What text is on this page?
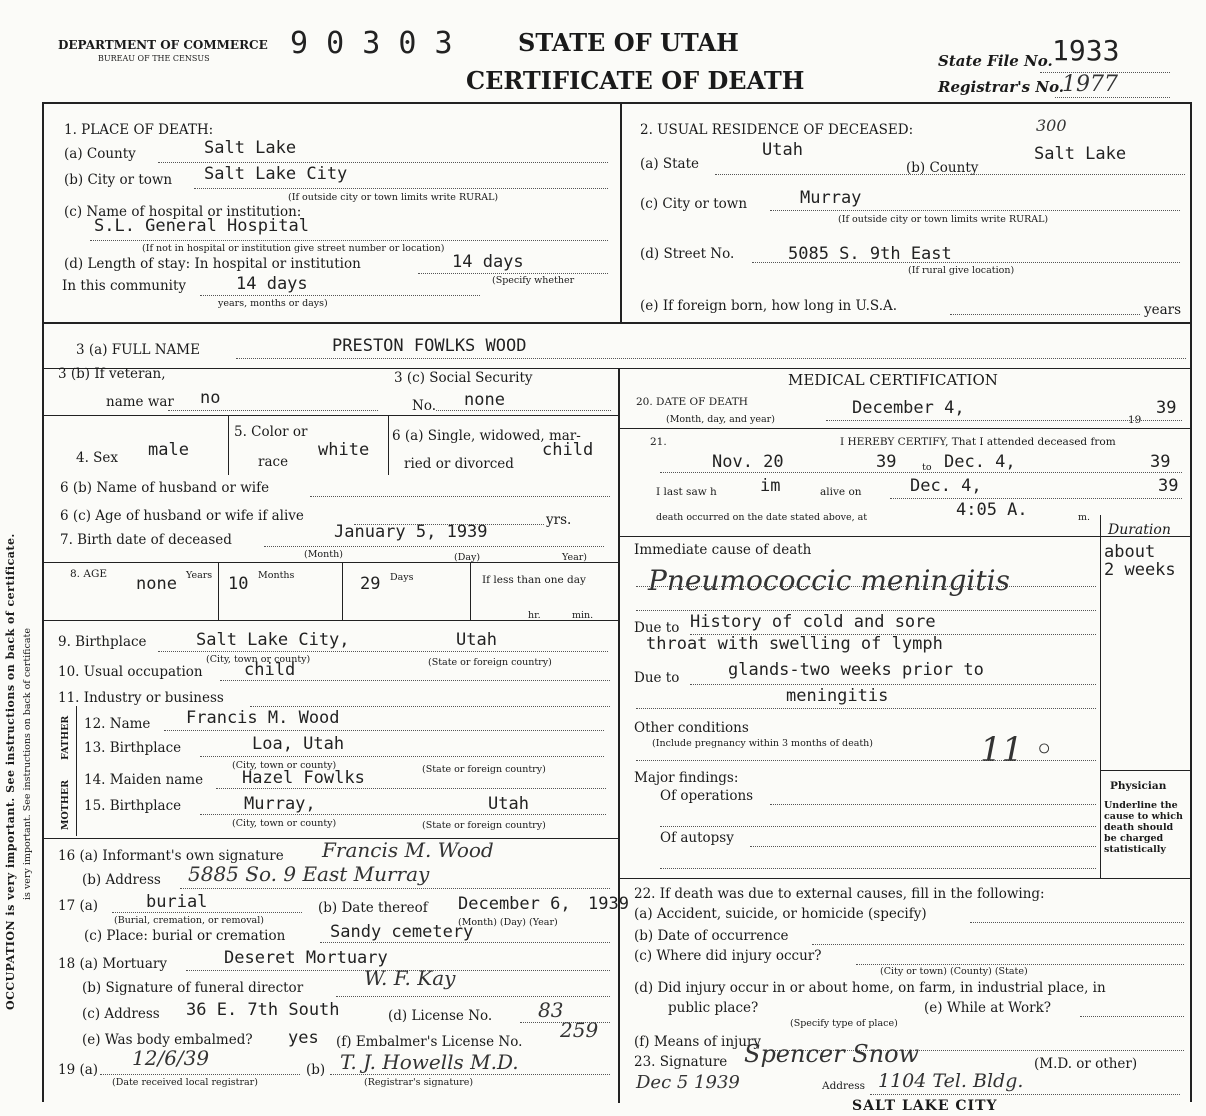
OCCUPATION is very important. See instructions on back of certificate. is very important. See instructions on back of certificate
DEPARTMENT OF COMMERCE
BUREAU OF THE CENSUS	9 0 3 0 3	STATE OF UTAH
CERTIFICATE OF DEATH
State File No. 1933
Registrar's No.
1977
1. PLACE OF DEATH:
(a) County	Salt Lake
(b) City or town Salt Lake City
(If outside city or town limits write RURAL)
(c) Name of hospital or institution:
S.L. General Hospital
(If not in hospital or institution give street number or location)
(d) Length of stay: In hospital or institution	14 days
In this community	14 days	(Specify whether
years, months or days)
2. USUAL RESIDENCE OF DECEASED:	300
(a) State
Utah
(b) County
Salt Lake
(c) City or town	Murray
(If outside city or town limits write RURAL)
(d) Street No.	5085 S. 9th East
(If rural give location)
(e) If foreign born, how long in U.S.A.	years
3 (a) FULL NAME	PRESTON FOWLKS WOOD
3 (b) If veteran,
name war no
3 (c) Social Security
No. none
4. Sex male
5. Color or
race
white
6 (a) Single, widowed, mar-
ried or divorced
child
6 (b) Name of husband or wife
6 (c) Age of husband or wife if alive	yrs.
7. Birth date of deceased	January 5, 1939
(Month)	(Day)	Year)
8. AGE none Years 10 Months	29 Days	If less than one day
hr.	min.
9. Birthplace	Salt Lake City,	Utah
(City, town or county)	(State or foreign country)
10. Usual occupation child
11. Industry or business
FATHER
MOTHER
12. Name Francis M. Wood
13. Birthplace	Loa, Utah
(City, town or county)	(State or foreign country)
14. Maiden name Hazel Fowlks
15. Birthplace	Murray,	Utah
(City, town or county)	(State or foreign country)
16 (a) Informant's own signature Francis M. Wood
(b) Address 5885 So. 9 East Murray
17 (a)	burial
(Burial, cremation, or removal)
(b) Date thereof December 6, 1939
(Month) (Day) (Year)
(c) Place: burial or cremation	Sandy cemetery
18 (a) Mortuary	Deseret Mortuary
(b) Signature of funeral director	W. F. Kay
(c) Address 36 E. 7th South	(d) License No. 83
(e) Was body embalmed? yes (f) Embalmer's License No. 259
19 (a) 12/6/39
(Date received local registrar)
(b) T. J. Howells M.D.
(Registrar's signature)
MEDICAL CERTIFICATION
20. DATE OF DEATH
(Month, day, and year)
December 4,
19
39
21.	I HEREBY CERTIFY, That I attended deceased from
Nov. 20	39	to Dec. 4,	39
I last saw h	im	alive on	Dec. 4,	39
death occurred on the date stated above, at	4:05 A.	m.
Duration
Immediate cause of death
Pneumococcic meningitis
about
2 weeks
Due to History of cold and sore
throat with swelling of lymph
Due to	glands-two weeks prior to
meningitis
Other conditions
(Include pregnancy within 3 months of death)	11 ◦
Major findings:
Of operations
Of autopsy
Physician
Underline the cause to which death should be charged statistically
22. If death was due to external causes, fill in the following:
(a) Accident, suicide, or homicide (specify)
(b) Date of occurrence
(c) Where did injury occur?
(City or town) (County) (State)
(d) Did injury occur in or about home, on farm, in industrial place, in
public place?
(Specify type of place)
(e) While at Work?
(f) Means of injury
23. Signature Spencer Snow	(M.D. or other)
Dec 5 1939	Address 1104 Tel. Bldg.
SALT LAKE CITY
